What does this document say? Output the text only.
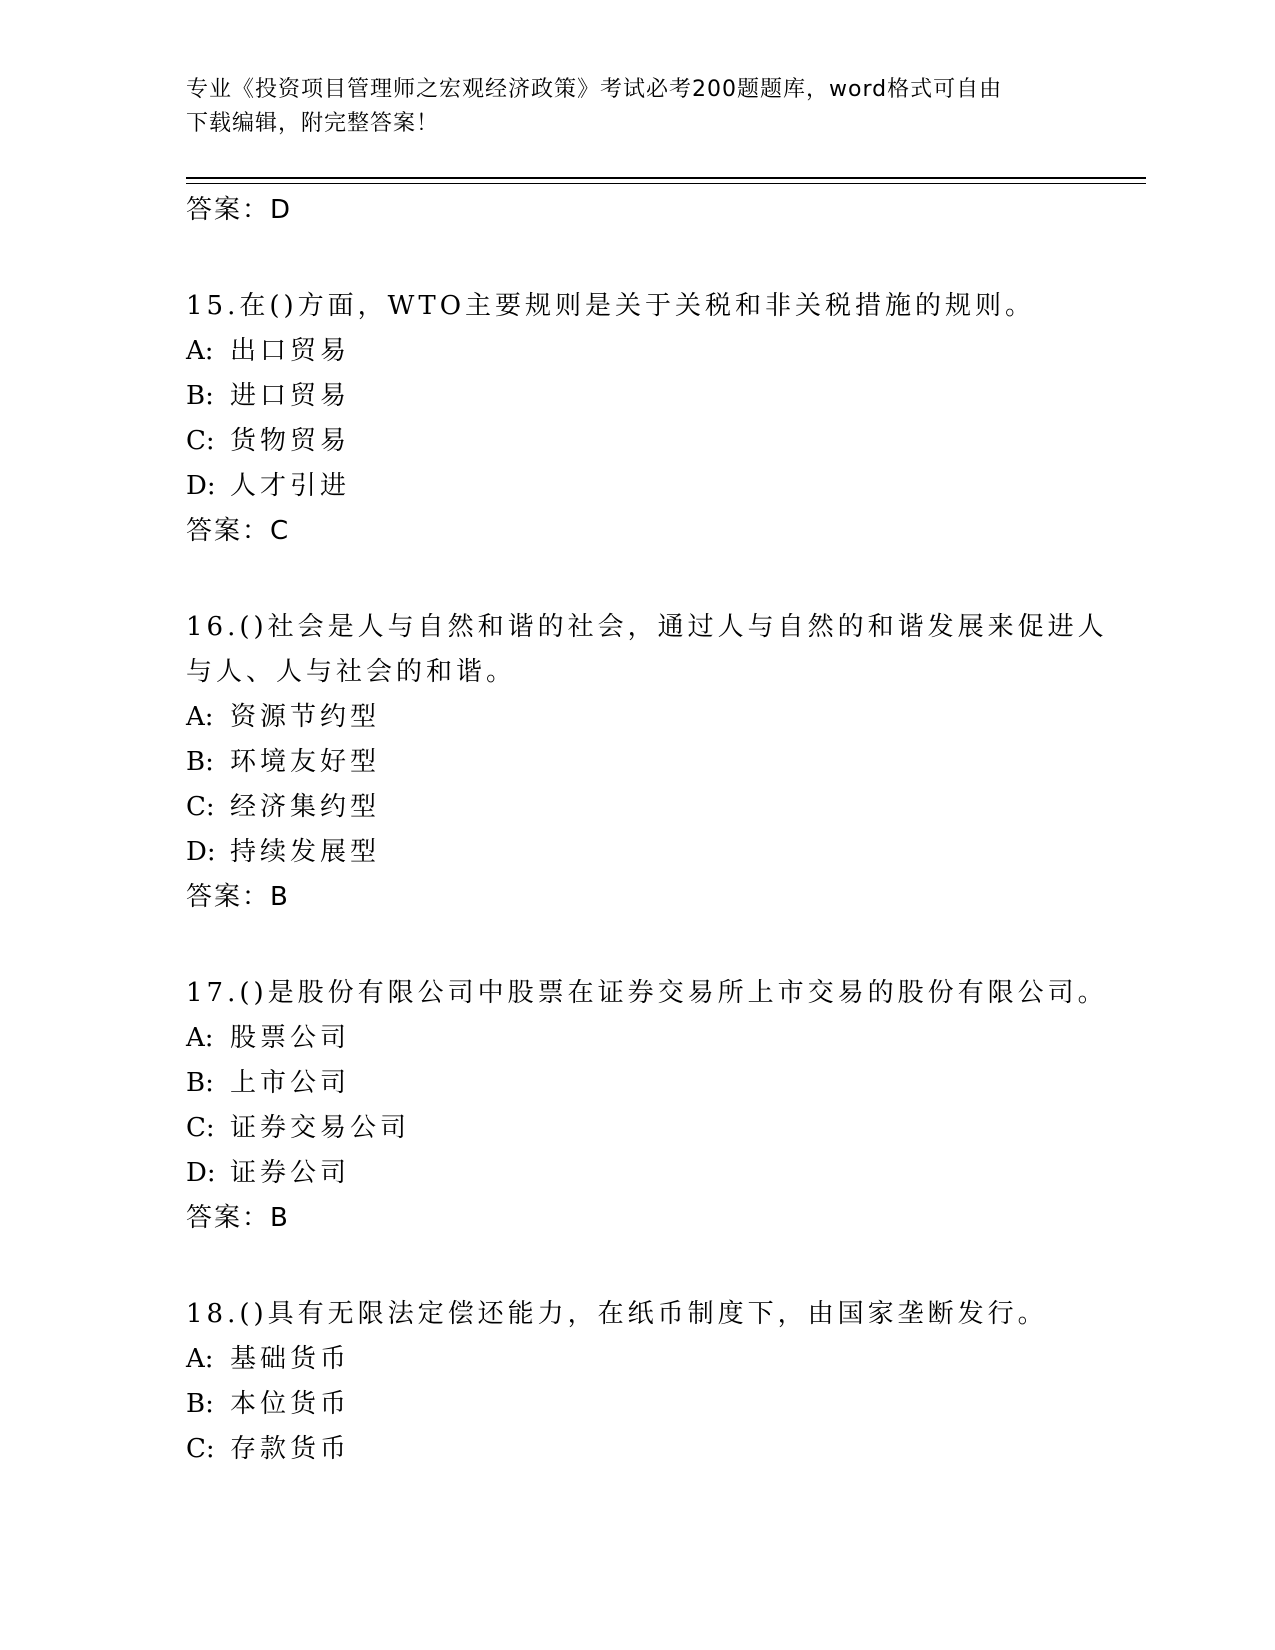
专业《投资项目管理师之宏观经济政策》考试必考200题题库，word格式可自由
下载编辑，附完整答案！
答案：D
15.在()方面，WTO主要规则是关于关税和非关税措施的规则。
A: 出口贸易
B: 进口贸易
C: 货物贸易
D: 人才引进
答案：C
16.()社会是人与自然和谐的社会，通过人与自然的和谐发展来促进人
与人、人与社会的和谐。
A: 资源节约型
B: 环境友好型
C: 经济集约型
D: 持续发展型
答案：B
17.()是股份有限公司中股票在证券交易所上市交易的股份有限公司。
A: 股票公司
B: 上市公司
C: 证券交易公司
D: 证券公司
答案：B
18.()具有无限法定偿还能力，在纸币制度下，由国家垄断发行。
A: 基础货币
B: 本位货币
C: 存款货币
